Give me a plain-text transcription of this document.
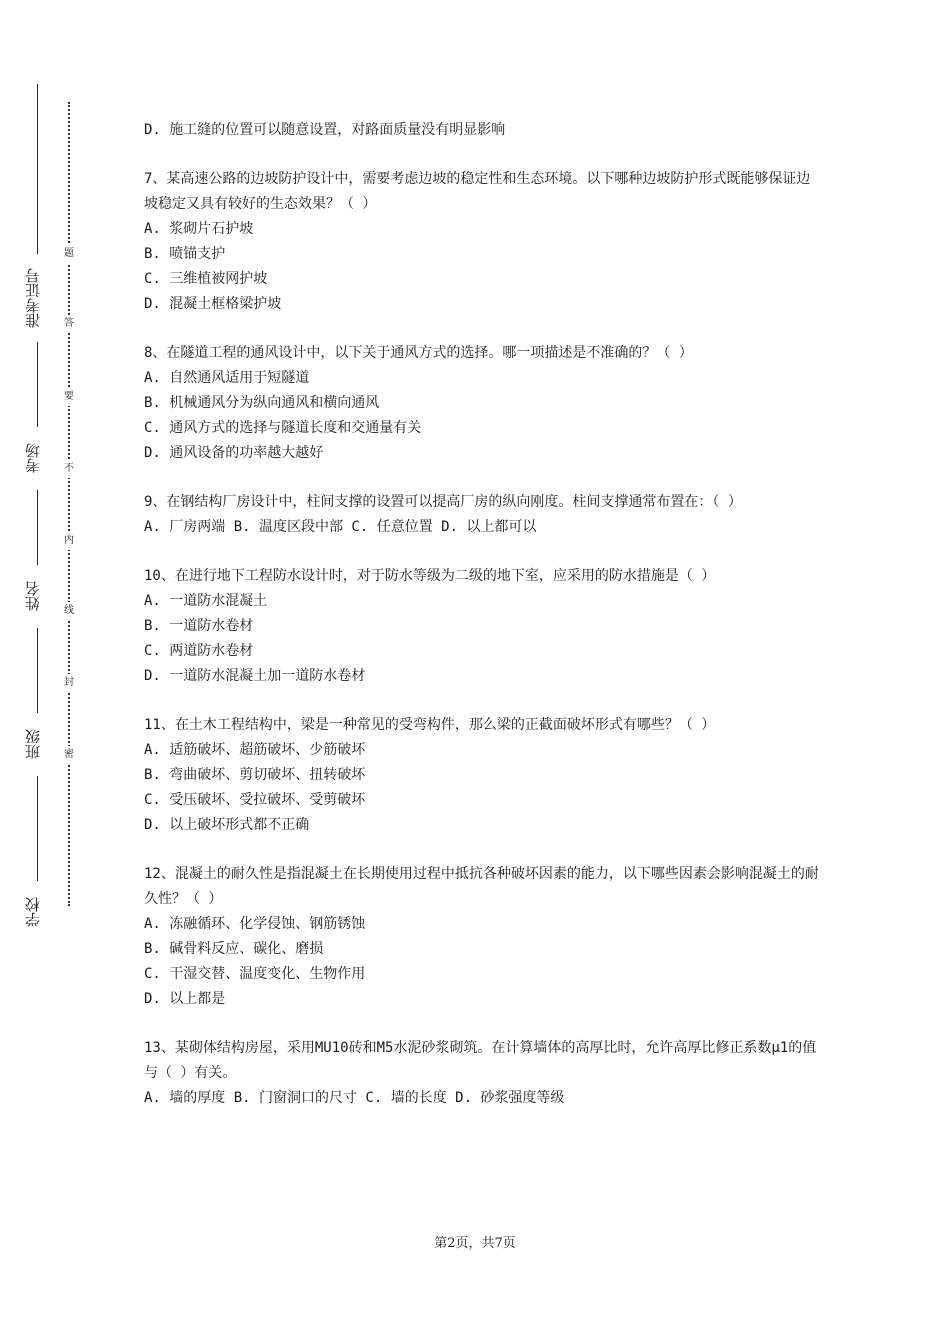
准考证号
考场
姓名
班级
学校
题
答
要
不
内
线
封
密
D. 施工缝的位置可以随意设置，对路面质量没有明显影响
7、某高速公路的边坡防护设计中，需要考虑边坡的稳定性和生态环境。以下哪种边坡防护形式既能够保证边坡稳定又具有较好的生态效果？（ ）
A. 浆砌片石护坡
B. 喷锚支护
C. 三维植被网护坡
D. 混凝土框格梁护坡
8、在隧道工程的通风设计中，以下关于通风方式的选择。哪一项描述是不准确的？（ ）
A. 自然通风适用于短隧道
B. 机械通风分为纵向通风和横向通风
C. 通风方式的选择与隧道长度和交通量有关
D. 通风设备的功率越大越好
9、在钢结构厂房设计中，柱间支撑的设置可以提高厂房的纵向刚度。柱间支撑通常布置在：（ ）
A. 厂房两端 B. 温度区段中部 C. 任意位置 D. 以上都可以
10、在进行地下工程防水设计时，对于防水等级为二级的地下室，应采用的防水措施是（ ）
A. 一道防水混凝土
B. 一道防水卷材
C. 两道防水卷材
D. 一道防水混凝土加一道防水卷材
11、在土木工程结构中，梁是一种常见的受弯构件，那么梁的正截面破坏形式有哪些？（ ）
A. 适筋破坏、超筋破坏、少筋破坏
B. 弯曲破坏、剪切破坏、扭转破坏
C. 受压破坏、受拉破坏、受剪破坏
D. 以上破坏形式都不正确
12、混凝土的耐久性是指混凝土在长期使用过程中抵抗各种破坏因素的能力，以下哪些因素会影响混凝土的耐久性？（ ）
A. 冻融循环、化学侵蚀、钢筋锈蚀
B. 碱骨料反应、碳化、磨损
C. 干湿交替、温度变化、生物作用
D. 以上都是
13、某砌体结构房屋，采用MU10砖和M5水泥砂浆砌筑。在计算墙体的高厚比时，允许高厚比修正系数μ1的值与（ ）有关。
A. 墙的厚度 B. 门窗洞口的尺寸 C. 墙的长度 D. 砂浆强度等级
第2页，共7页
